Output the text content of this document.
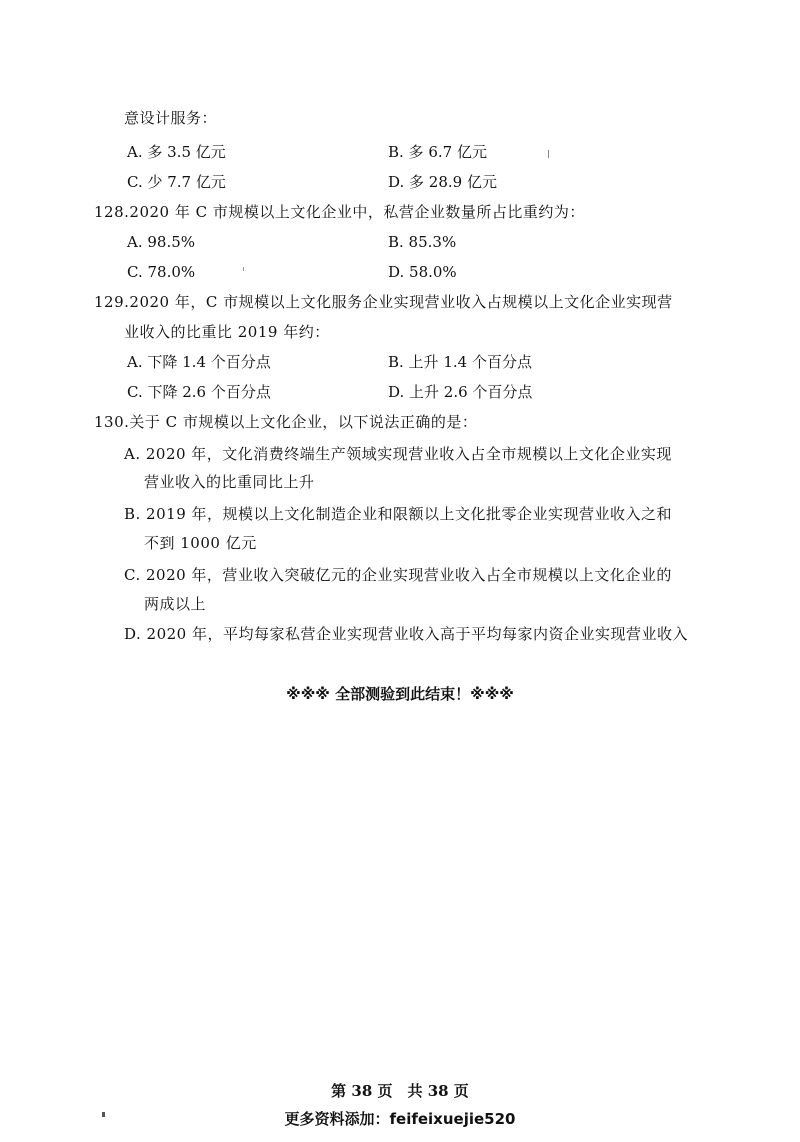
意设计服务：
A. 多 3.5 亿元	B. 多 6.7 亿元
C. 少 7.7 亿元	D. 多 28.9 亿元
128.2020 年 C 市规模以上文化企业中，私营企业数量所占比重约为：
A. 98.5%	B. 85.3%
C. 78.0%	D. 58.0%
129.2020 年，C 市规模以上文化服务企业实现营业收入占规模以上文化企业实现营
业收入的比重比 2019 年约：
A. 下降 1.4 个百分点	B. 上升 1.4 个百分点
C. 下降 2.6 个百分点	D. 上升 2.6 个百分点
130.关于 C 市规模以上文化企业，以下说法正确的是：
A. 2020 年，文化消费终端生产领域实现营业收入占全市规模以上文化企业实现
营业收入的比重同比上升
B. 2019 年，规模以上文化制造企业和限额以上文化批零企业实现营业收入之和
不到 1000 亿元
C. 2020 年，营业收入突破亿元的企业实现营业收入占全市规模以上文化企业的
两成以上
D. 2020 年，平均每家私营企业实现营业收入高于平均每家内资企业实现营业收入
※※※ 全部测验到此结束！※※※
第 38 页　共 38 页
更多资料添加：feifeixuejie520
